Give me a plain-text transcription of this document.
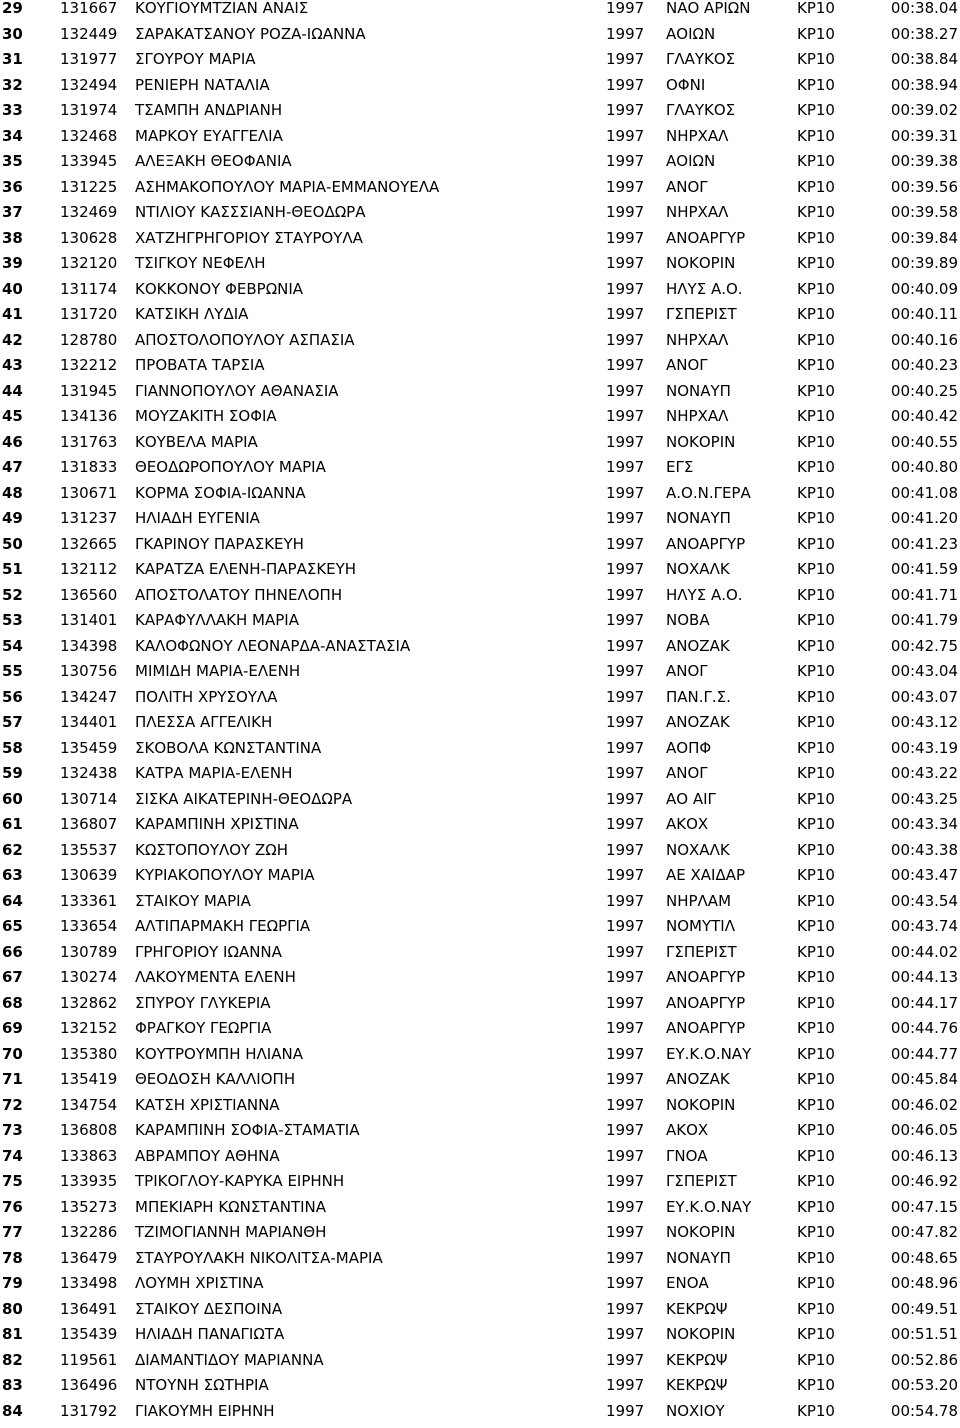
29 131667 ΚΟΥΓΙΟΥΜΤΖΙΑΝ ΑΝΑΙΣ	1997 ΝΑΟ ΑΡΙΩΝ	ΚΡ10	00:38.04
30 132449 ΣΑΡΑΚΑΤΣΑΝΟΥ ΡΟΖΑ-ΙΩΑΝΝΑ	1997 ΑΟΙΩΝ	ΚΡ10	00:38.27
31 131977 ΣΓΟΥΡΟΥ ΜΑΡΙΑ	1997 ΓΛΑΥΚΟΣ	ΚΡ10	00:38.84
32 132494 ΡΕΝΙΕΡΗ ΝΑΤΑΛΙΑ	1997 ΟΦΝΙ	ΚΡ10	00:38.94
33 131974 ΤΣΑΜΠΗ ΑΝΔΡΙΑΝΗ	1997 ΓΛΑΥΚΟΣ	ΚΡ10	00:39.02
34 132468 ΜΑΡΚΟΥ ΕΥΑΓΓΕΛΙΑ	1997 ΝΗΡΧΑΛ	ΚΡ10	00:39.31
35 133945 ΑΛΕΞΑΚΗ ΘΕΟΦΑΝΙΑ	1997 ΑΟΙΩΝ	ΚΡ10	00:39.38
36 131225 ΑΣΗΜΑΚΟΠΟΥΛΟΥ ΜΑΡΙΑ-ΕΜΜΑΝΟΥΕΛΑ	1997 ΑΝΟΓ	ΚΡ10	00:39.56
37 132469 ΝΤΙΛΙΟΥ ΚΑΣΣΣΙΑΝΗ-ΘΕΟΔΩΡΑ	1997 ΝΗΡΧΑΛ	ΚΡ10	00:39.58
38 130628 ΧΑΤΖΗΓΡΗΓΟΡΙΟΥ ΣΤΑΥΡΟΥΛΑ	1997 ΑΝΟΑΡΓΥΡ	ΚΡ10	00:39.84
39 132120 ΤΣΙΓΚΟΥ ΝΕΦΕΛΗ	1997 ΝΟΚΟΡΙΝ	ΚΡ10	00:39.89
40 131174 ΚΟΚΚΟΝΟΥ ΦΕΒΡΩΝΙΑ	1997 ΗΛΥΣ Α.Ο.	ΚΡ10	00:40.09
41 131720 ΚΑΤΣΙΚΗ ΛΥΔΙΑ	1997 ΓΣΠΕΡΙΣΤ	ΚΡ10	00:40.11
42 128780 ΑΠΟΣΤΟΛΟΠΟΥΛΟΥ ΑΣΠΑΣΙΑ	1997 ΝΗΡΧΑΛ	ΚΡ10	00:40.16
43 132212 ΠΡΟΒΑΤΑ ΤΑΡΣΙΑ	1997 ΑΝΟΓ	ΚΡ10	00:40.23
44 131945 ΓΙΑΝΝΟΠΟΥΛΟΥ ΑΘΑΝΑΣΙΑ	1997 ΝΟΝΑΥΠ	ΚΡ10	00:40.25
45 134136 ΜΟΥΖΑΚΙΤΗ ΣΟΦΙΑ	1997 ΝΗΡΧΑΛ	ΚΡ10	00:40.42
46 131763 ΚΟΥΒΕΛΑ ΜΑΡΙΑ	1997 ΝΟΚΟΡΙΝ	ΚΡ10	00:40.55
47 131833 ΘΕΟΔΩΡΟΠΟΥΛΟΥ ΜΑΡΙΑ	1997 ΕΓΣ	ΚΡ10	00:40.80
48 130671 ΚΟΡΜΑ ΣΟΦΙΑ-ΙΩΑΝΝΑ	1997 Α.Ο.Ν.ΓΕΡΑ	ΚΡ10	00:41.08
49 131237 ΗΛΙΑΔΗ ΕΥΓΕΝΙΑ	1997 ΝΟΝΑΥΠ	ΚΡ10	00:41.20
50 132665 ΓΚΑΡΙΝΟΥ ΠΑΡΑΣΚΕΥΗ	1997 ΑΝΟΑΡΓΥΡ	ΚΡ10	00:41.23
51 132112 ΚΑΡΑΤΖΑ ΕΛΕΝΗ-ΠΑΡΑΣΚΕΥΗ	1997 ΝΟΧΑΛΚ	ΚΡ10	00:41.59
52 136560 ΑΠΟΣΤΟΛΑΤΟΥ ΠΗΝΕΛΟΠΗ	1997 ΗΛΥΣ Α.Ο.	ΚΡ10	00:41.71
53 131401 ΚΑΡΑΦΥΛΛΑΚΗ ΜΑΡΙΑ	1997 ΝΟΒΑ	ΚΡ10	00:41.79
54 134398 ΚΑΛΟΦΩΝΟΥ ΛΕΟΝΑΡΔΑ-ΑΝΑΣΤΑΣΙΑ	1997 ΑΝΟΖΑΚ	ΚΡ10	00:42.75
55 130756 ΜΙΜΙΔΗ ΜΑΡΙΑ-ΕΛΕΝΗ	1997 ΑΝΟΓ	ΚΡ10	00:43.04
56 134247 ΠΟΛΙΤΗ ΧΡΥΣΟΥΛΑ	1997 ΠΑΝ.Γ.Σ.	ΚΡ10	00:43.07
57 134401 ΠΛΕΣΣΑ ΑΓΓΕΛΙΚΗ	1997 ΑΝΟΖΑΚ	ΚΡ10	00:43.12
58 135459 ΣΚΟΒΟΛΑ ΚΩΝΣΤΑΝΤΙΝΑ	1997 ΑΟΠΦ	ΚΡ10	00:43.19
59 132438 ΚΑΤΡΑ ΜΑΡΙΑ-ΕΛΕΝΗ	1997 ΑΝΟΓ	ΚΡ10	00:43.22
60 130714 ΣΙΣΚΑ ΑΙΚΑΤΕΡΙΝΗ-ΘΕΟΔΩΡΑ	1997 ΑΟ ΑΙΓ	ΚΡ10	00:43.25
61 136807 ΚΑΡΑΜΠΙΝΗ ΧΡΙΣΤΙΝΑ	1997 ΑΚΟΧ	ΚΡ10	00:43.34
62 135537 ΚΩΣΤΟΠΟΥΛΟΥ ΖΩΗ	1997 ΝΟΧΑΛΚ	ΚΡ10	00:43.38
63 130639 ΚΥΡΙΑΚΟΠΟΥΛΟΥ ΜΑΡΙΑ	1997 ΑΕ ΧΑΙΔΑΡ	ΚΡ10	00:43.47
64 133361 ΣΤΑΙΚΟΥ ΜΑΡΙΑ	1997 ΝΗΡΛΑΜ	ΚΡ10	00:43.54
65 133654 ΑΛΤΙΠΑΡΜΑΚΗ ΓΕΩΡΓΙΑ	1997 ΝΟΜΥΤΙΛ	ΚΡ10	00:43.74
66 130789 ΓΡΗΓΟΡΙΟΥ ΙΩΑΝΝΑ	1997 ΓΣΠΕΡΙΣΤ	ΚΡ10	00:44.02
67 130274 ΛΑΚΟΥΜΕΝΤΑ ΕΛΕΝΗ	1997 ΑΝΟΑΡΓΥΡ	ΚΡ10	00:44.13
68 132862 ΣΠΥΡΟΥ ΓΛΥΚΕΡΙΑ	1997 ΑΝΟΑΡΓΥΡ	ΚΡ10	00:44.17
69 132152 ΦΡΑΓΚΟΥ ΓΕΩΡΓΙΑ	1997 ΑΝΟΑΡΓΥΡ	ΚΡ10	00:44.76
70 135380 ΚΟΥΤΡΟΥΜΠΗ ΗΛΙΑΝΑ	1997 ΕΥ.Κ.Ο.ΝΑΥ	ΚΡ10	00:44.77
71 135419 ΘΕΟΔΟΣΗ ΚΑΛΛΙΟΠΗ	1997 ΑΝΟΖΑΚ	ΚΡ10	00:45.84
72 134754 ΚΑΤΣΗ ΧΡΙΣΤΙΑΝΝΑ	1997 ΝΟΚΟΡΙΝ	ΚΡ10	00:46.02
73 136808 ΚΑΡΑΜΠΙΝΗ ΣΟΦΙΑ-ΣΤΑΜΑΤΙΑ	1997 ΑΚΟΧ	ΚΡ10	00:46.05
74 133863 ΑΒΡΑΜΠΟΥ ΑΘΗΝΑ	1997 ΓΝΟΑ	ΚΡ10	00:46.13
75 133935 ΤΡΙΚΟΓΛΟΥ-ΚΑΡΥΚΑ ΕΙΡΗΝΗ	1997 ΓΣΠΕΡΙΣΤ	ΚΡ10	00:46.92
76 135273 ΜΠΕΚΙΑΡΗ ΚΩΝΣΤΑΝΤΙΝΑ	1997 ΕΥ.Κ.Ο.ΝΑΥ	ΚΡ10	00:47.15
77 132286 ΤΖΙΜΟΓΙΑΝΝΗ ΜΑΡΙΑΝΘΗ	1997 ΝΟΚΟΡΙΝ	ΚΡ10	00:47.82
78 136479 ΣΤΑΥΡΟΥΛΑΚΗ ΝΙΚΟΛΙΤΣΑ-ΜΑΡΙΑ	1997 ΝΟΝΑΥΠ	ΚΡ10	00:48.65
79 133498 ΛΟΥΜΗ ΧΡΙΣΤΙΝΑ	1997 ΕΝΟΑ	ΚΡ10	00:48.96
80 136491 ΣΤΑΙΚΟΥ ΔΕΣΠΟΙΝΑ	1997 ΚΕΚΡΩΨ	ΚΡ10	00:49.51
81 135439 ΗΛΙΑΔΗ ΠΑΝΑΓΙΩΤΑ	1997 ΝΟΚΟΡΙΝ	ΚΡ10	00:51.51
82 119561 ΔΙΑΜΑΝΤΙΔΟΥ ΜΑΡΙΑΝΝΑ	1997 ΚΕΚΡΩΨ	ΚΡ10	00:52.86
83 136496 ΝΤΟΥΝΗ ΣΩΤΗΡΙΑ	1997 ΚΕΚΡΩΨ	ΚΡ10	00:53.20
84 131792 ΓΙΑΚΟΥΜΗ ΕΙΡΗΝΗ	1997 ΝΟΧΙΟΥ	ΚΡ10	00:54.78
